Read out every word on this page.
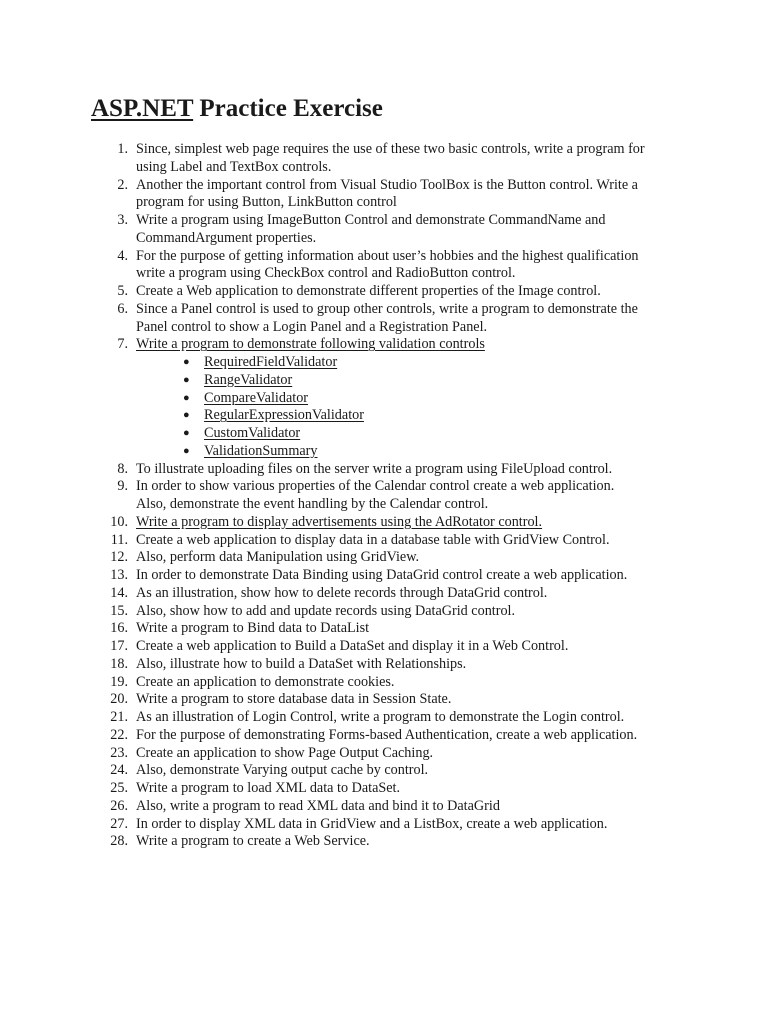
ASP.NET Practice Exercise
1. Since, simplest web page requires the use of these two basic controls, write a program for
using Label and TextBox controls.
2. Another the important control from Visual Studio ToolBox is the Button control. Write a
program for using Button, LinkButton control
3. Write a program using ImageButton Control and demonstrate CommandName and
CommandArgument properties.
4. For the purpose of getting information about user’s hobbies and the highest qualification
write a program using CheckBox control and RadioButton control.
5. Create a Web application to demonstrate different properties of the Image control.
6. Since a Panel control is used to group other controls, write a program to demonstrate the
Panel control to show a Login Panel and a Registration Panel.
7. Write a program to demonstrate following validation controls
● RequiredFieldValidator
● RangeValidator
● CompareValidator
● RegularExpressionValidator
● CustomValidator
● ValidationSummary
8. To illustrate uploading files on the server write a program using FileUpload control.
9. In order to show various properties of the Calendar control create a web application.
Also, demonstrate the event handling by the Calendar control.
10. Write a program to display advertisements using the AdRotator control.
11. Create a web application to display data in a database table with GridView Control.
12. Also, perform data Manipulation using GridView.
13. In order to demonstrate Data Binding using DataGrid control create a web application.
14. As an illustration, show how to delete records through DataGrid control.
15. Also, show how to add and update records using DataGrid control.
16. Write a program to Bind data to DataList
17. Create a web application to Build a DataSet and display it in a Web Control.
18. Also, illustrate how to build a DataSet with Relationships.
19. Create an application to demonstrate cookies.
20. Write a program to store database data in Session State.
21. As an illustration of Login Control, write a program to demonstrate the Login control.
22. For the purpose of demonstrating Forms-based Authentication, create a web application.
23. Create an application to show Page Output Caching.
24. Also, demonstrate Varying output cache by control.
25. Write a program to load XML data to DataSet.
26. Also, write a program to read XML data and bind it to DataGrid
27. In order to display XML data in GridView and a ListBox, create a web application.
28. Write a program to create a Web Service.
